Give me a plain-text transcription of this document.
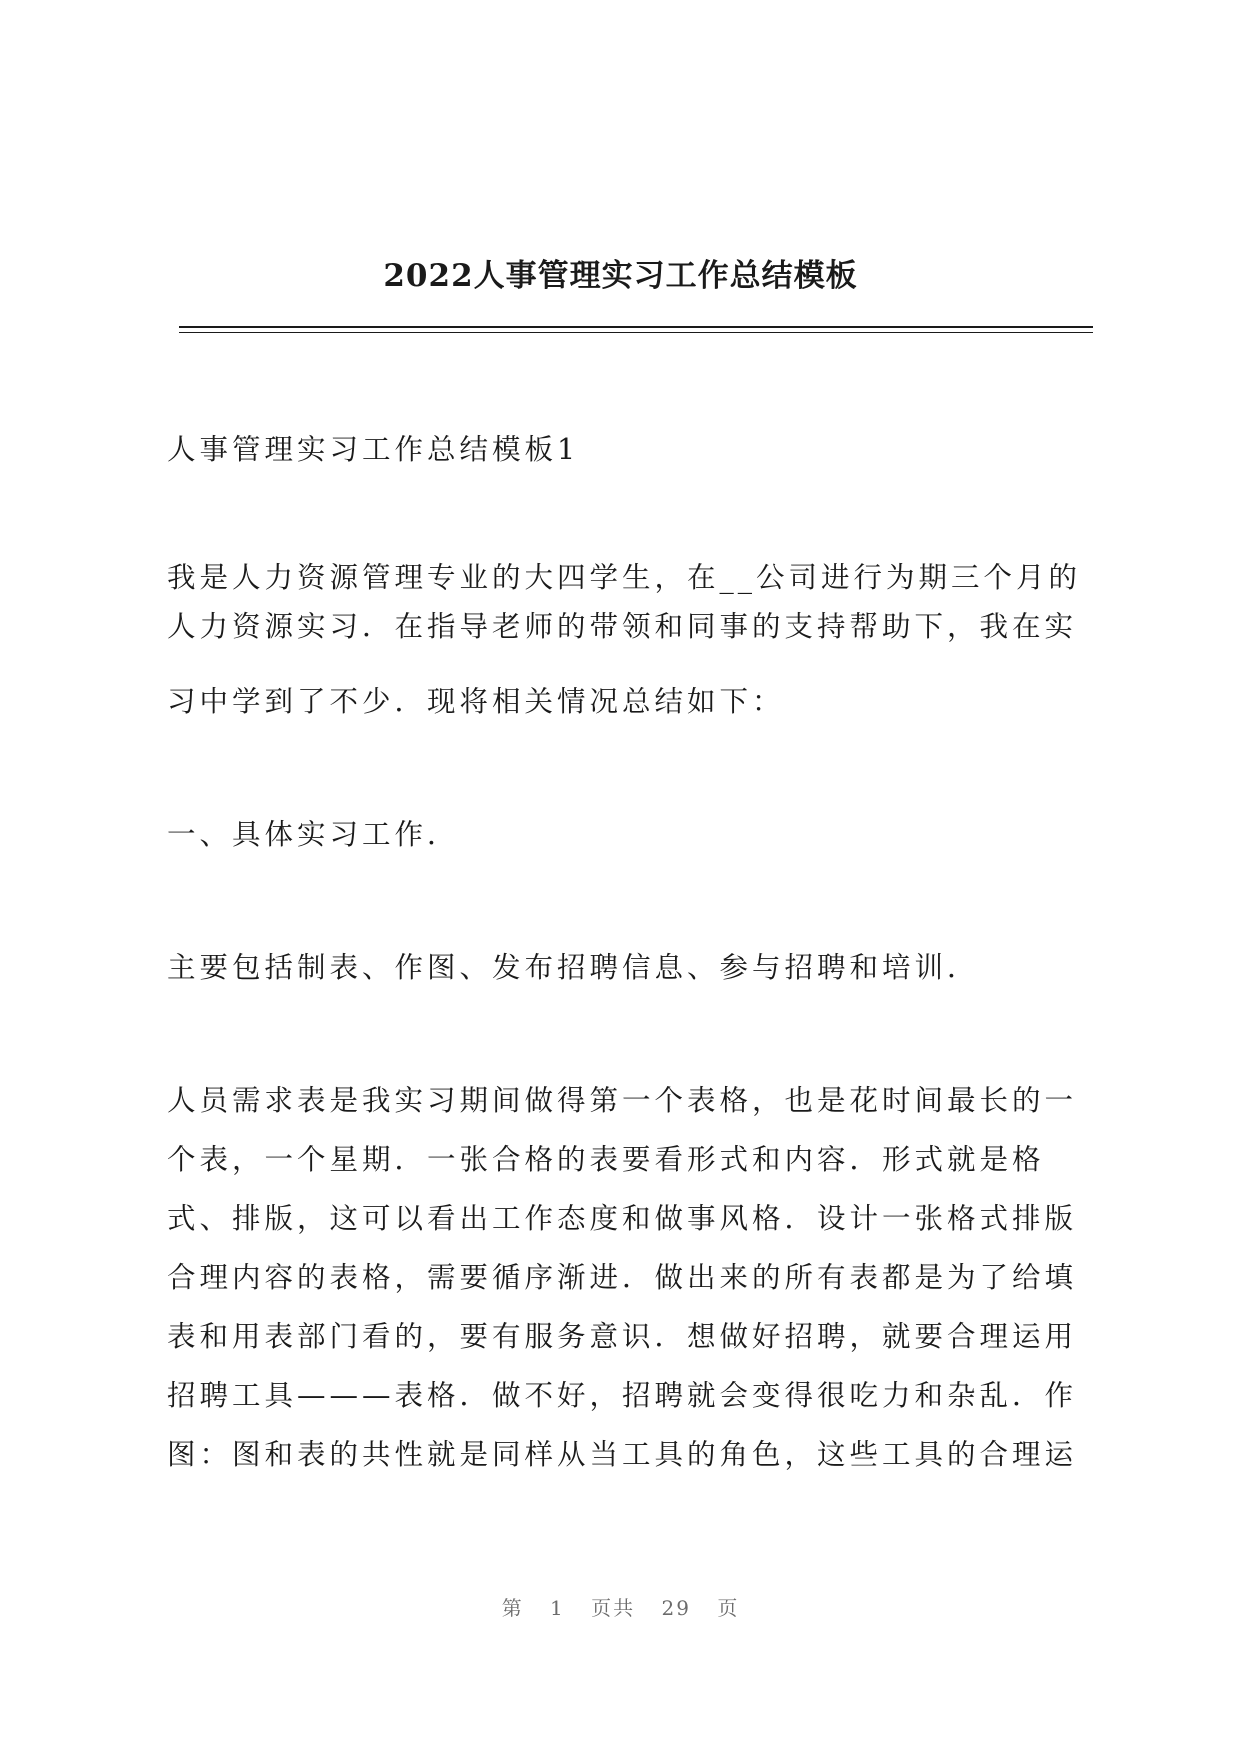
2022人事管理实习工作总结模板
人事管理实习工作总结模板1
我是人力资源管理专业的大四学生，在__公司进行为期三个月的
人力资源实习．在指导老师的带领和同事的支持帮助下，我在实
习中学到了不少．现将相关情况总结如下：
一、具体实习工作．
主要包括制表、作图、发布招聘信息、参与招聘和培训．
人员需求表是我实习期间做得第一个表格，也是花时间最长的一
个表，一个星期．一张合格的表要看形式和内容．形式就是格
式、排版，这可以看出工作态度和做事风格．设计一张格式排版
合理内容的表格，需要循序渐进．做出来的所有表都是为了给填
表和用表部门看的，要有服务意识．想做好招聘，就要合理运用
招聘工具———表格．做不好，招聘就会变得很吃力和杂乱．作
图：图和表的共性就是同样从当工具的角色，这些工具的合理运
第 1 页共 29 页
